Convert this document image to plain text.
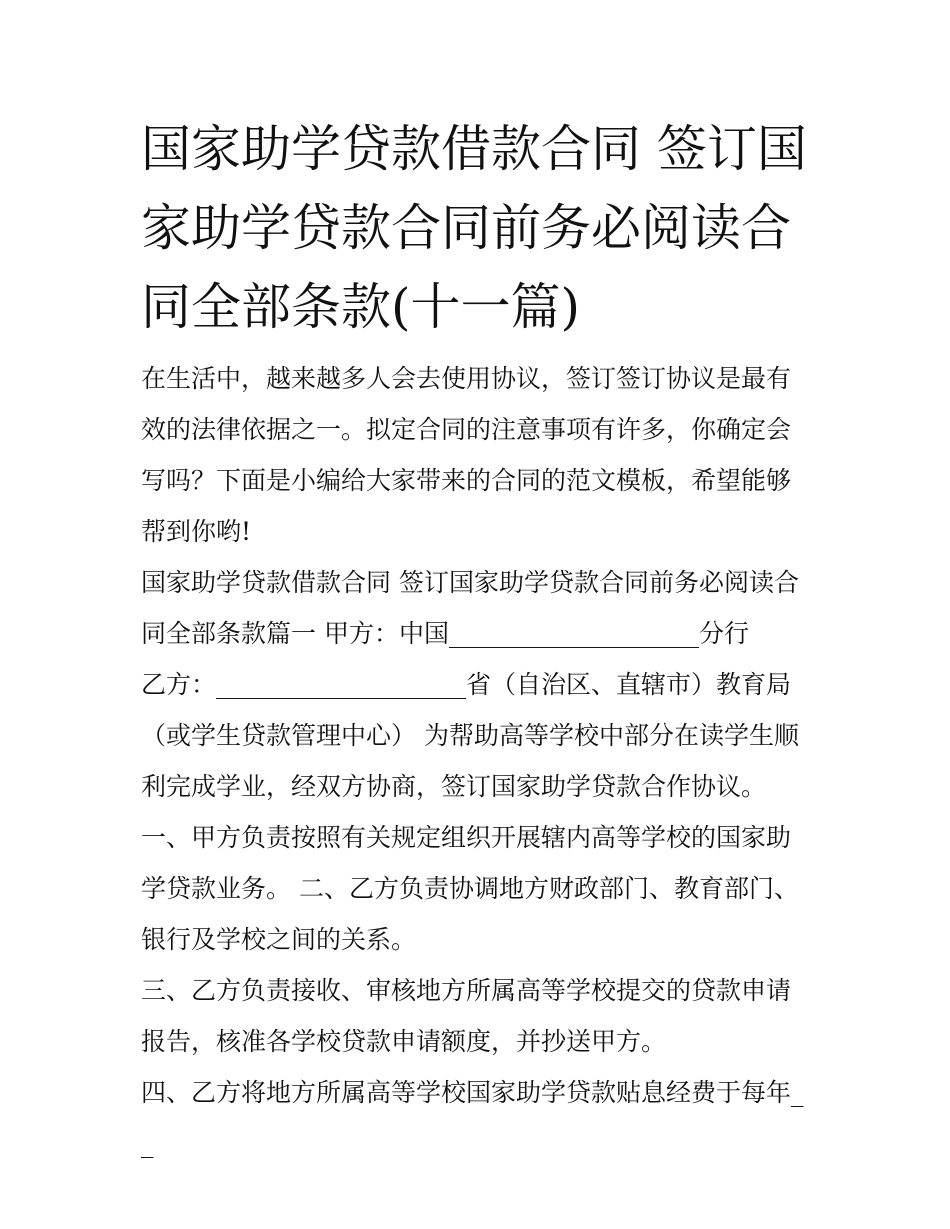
国家助学贷款借款合同 签订国家助学贷款合同前务必阅读合同全部条款(十一篇)

在生活中，越来越多人会去使用协议，签订签订协议是最有效的法律依据之一。拟定合同的注意事项有许多，你确定会写吗？下面是小编给大家带来的合同的范文模板，希望能够帮到你哟!

国家助学贷款借款合同 签订国家助学贷款合同前务必阅读合同全部条款篇一 甲方：中国____________________分行

乙方：____________________省（自治区、直辖市）教育局（或学生贷款管理中心） 为帮助高等学校中部分在读学生顺利完成学业，经双方协商，签订国家助学贷款合作协议。

一、甲方负责按照有关规定组织开展辖内高等学校的国家助学贷款业务。 二、乙方负责协调地方财政部门、教育部门、银行及学校之间的关系。

三、乙方负责接收、审核地方所属高等学校提交的贷款申请报告，核准各学校贷款申请额度，并抄送甲方。

四、乙方将地方所属高等学校国家助学贷款贴息经费于每年__
